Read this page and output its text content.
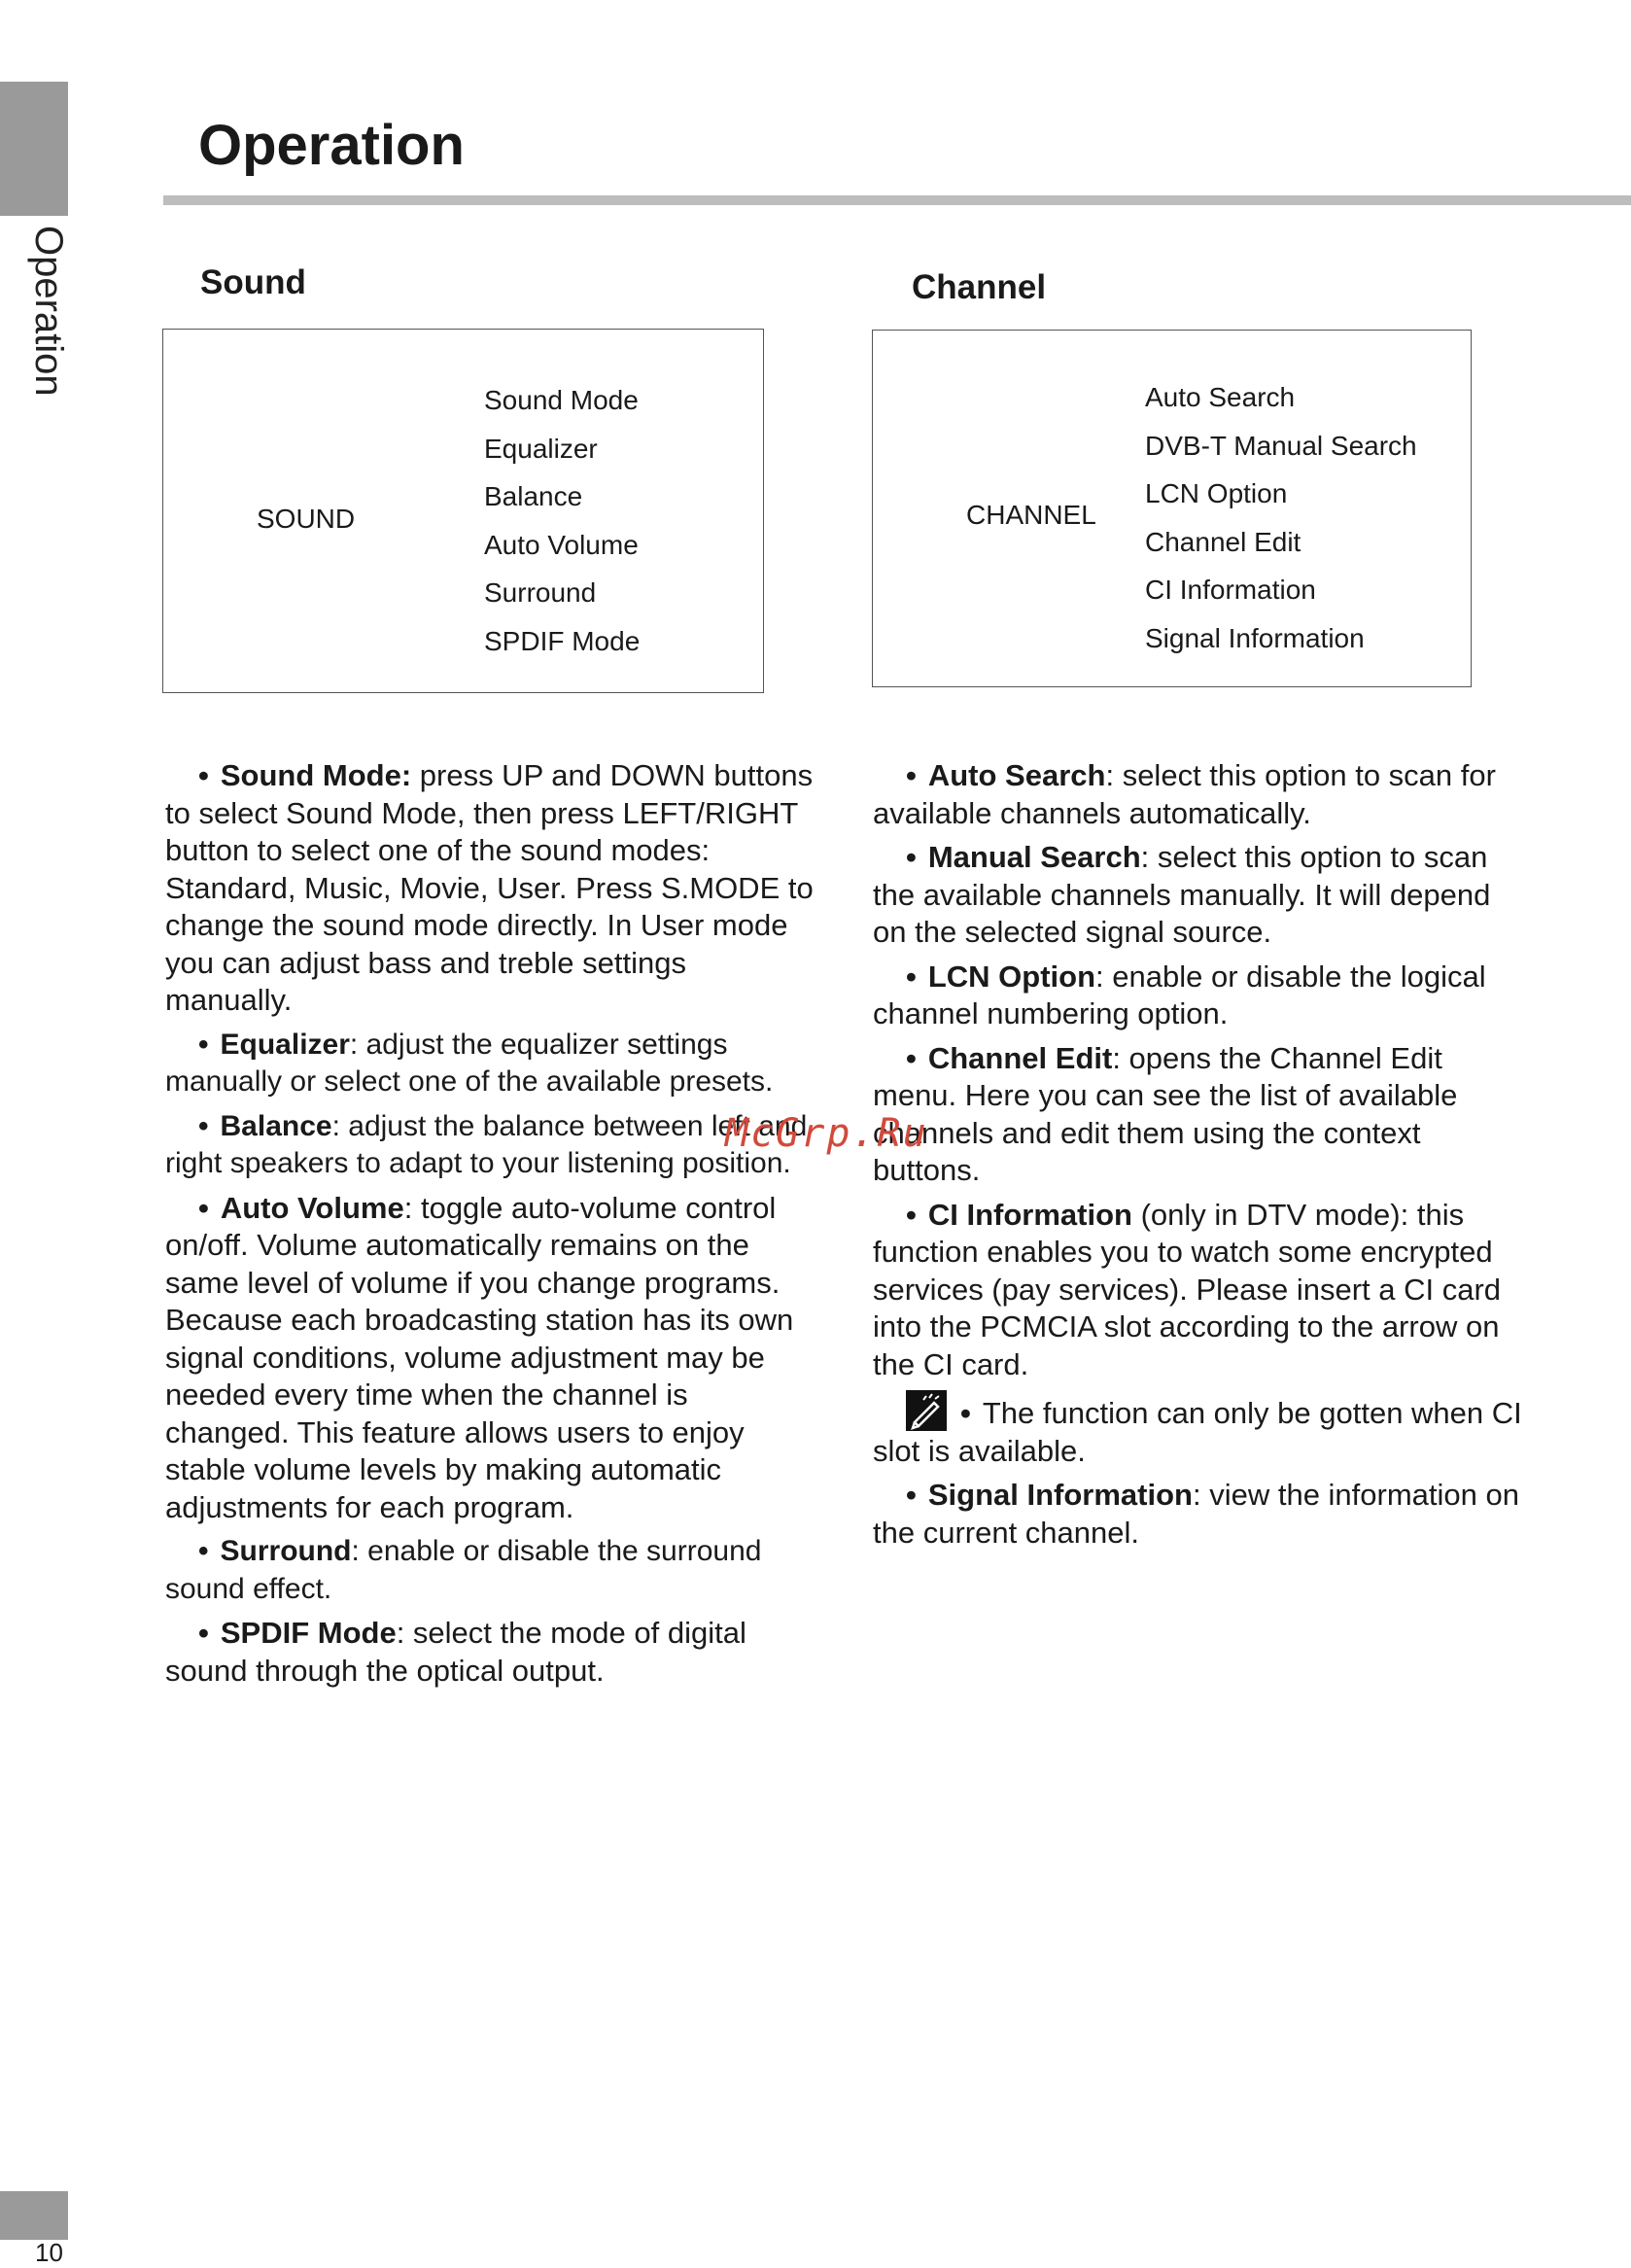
Operation
Operation
Sound
SOUND
Sound Mode
Equalizer
Balance
Auto Volume
Surround
SPDIF Mode
Channel
CHANNEL
Auto Search
DVB-T Manual Search
LCN Option
Channel Edit
CI Information
Signal Information

• Sound Mode: press UP and DOWN buttons to select Sound Mode, then press LEFT/RIGHT button to select one of the sound modes: Standard, Music, Movie, User. Press S.MODE to change the sound mode directly. In User mode you can adjust bass and treble settings manually.

• Equalizer: adjust the equalizer settings manually or select one of the available presets.

• Balance: adjust the balance between left and right speakers to adapt to your listening position.

• Auto Volume: toggle auto-volume control on/off. Volume automatically remains on the same level of volume if you change programs. Because each broadcasting station has its own signal conditions, volume adjustment may be needed every time when the channel is changed. This feature allows users to enjoy stable volume levels by making automatic adjustments for each program.

• Surround: enable or disable the surround sound effect.

• SPDIF Mode: select the mode of digital sound through the optical output.

• Auto Search: select this option to scan for available channels automatically.

• Manual Search: select this option to scan the available channels manually. It will depend on the selected signal source.

• LCN Option: enable or disable the logical channel numbering option.

• Channel Edit: opens the Channel Edit menu. Here you can see the list of available channels and edit them using the context buttons.

• CI Information (only in DTV mode): this function enables you to watch some encrypted services (pay services). Please insert a CI card into the PCMCIA slot according to the arrow on the CI card.

• The function can only be gotten when CI slot is available.

• Signal Information: view the information on the current channel.

McGrp.Ru
10
